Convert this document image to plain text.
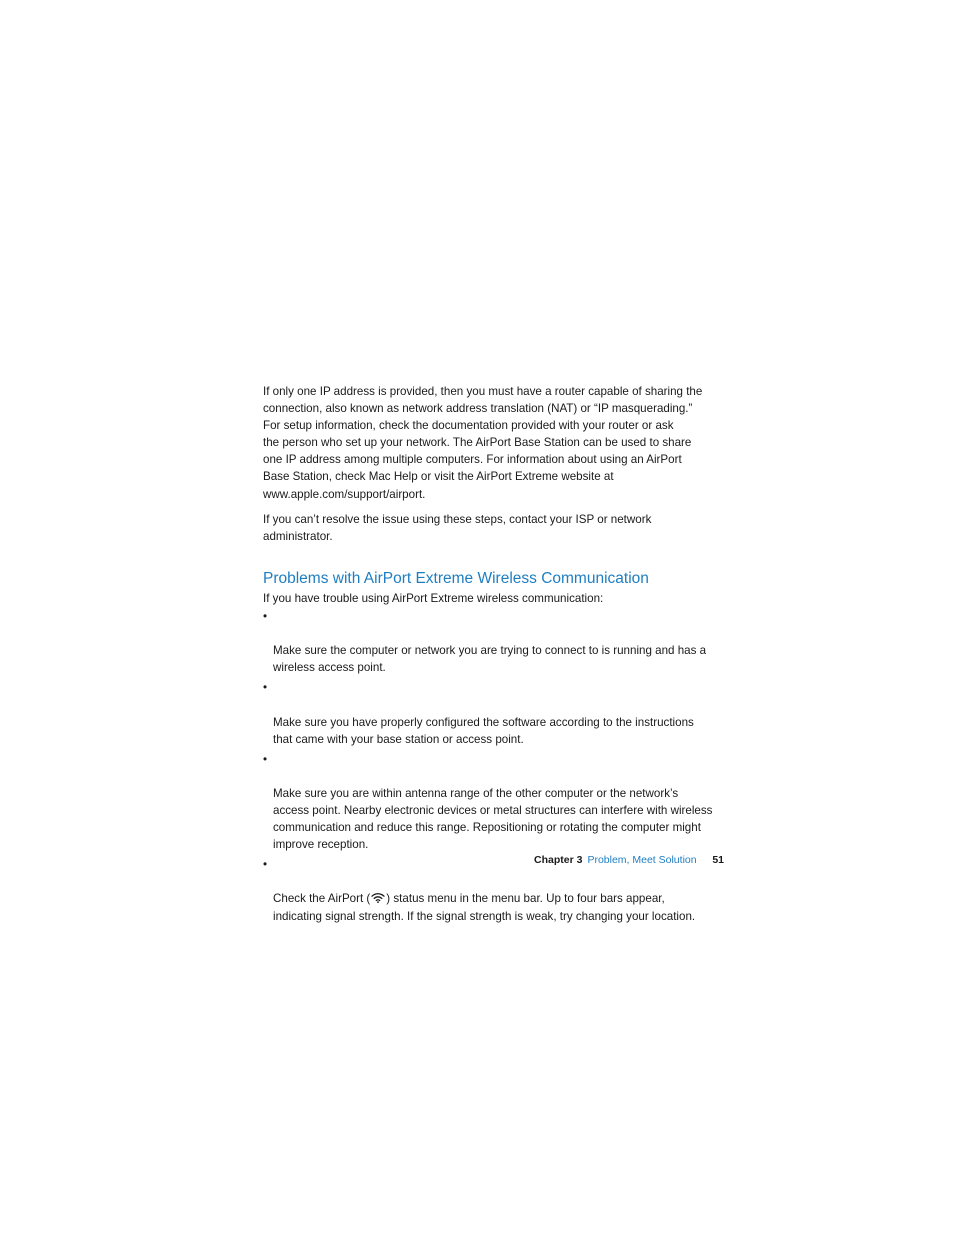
If only one IP address is provided, then you must have a router capable of sharing the
connection, also known as network address translation (NAT) or “IP masquerading.”
For setup information, check the documentation provided with your router or ask
the person who set up your network. The AirPort Base Station can be used to share
one IP address among multiple computers. For information about using an AirPort
Base Station, check Mac Help or visit the AirPort Extreme website at
www.apple.com/support/airport.

If you can’t resolve the issue using these steps, contact your ISP or network
administrator.

Problems with AirPort Extreme Wireless Communication

If you have trouble using AirPort Extreme wireless communication:

•

Make sure the computer or network you are trying to connect to is running and has a
wireless access point.

•

Make sure you have properly configured the software according to the instructions
that came with your base station or access point.

•

Make sure you are within antenna range of the other computer or the network’s
access point. Nearby electronic devices or metal structures can interfere with wireless
communication and reduce this range. Repositioning or rotating the computer might
improve reception.

•

Check the AirPort ( ) status menu in the menu bar. Up to four bars appear,
indicating signal strength. If the signal strength is weak, try changing your location.

Chapter 3 Problem, Meet Solution 51
